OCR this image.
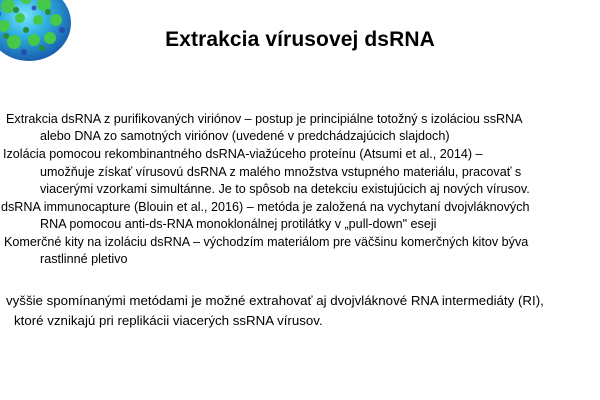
Extrakcia vírusovej dsRNA
Extrakcia dsRNA z purifikovaných viriónov – postup je principiálne totožný s izoláciou ssRNA
alebo DNA zo samotných viriónov (uvedené v predchádzajúcich slajdoch)
Izolácia pomocou rekombinantného dsRNA-viažúceho proteínu (Atsumi et al., 2014) –
umožňuje získať vírusovú dsRNA z malého množstva vstupného materiálu, pracovať s
viacerými vzorkami simultánne. Je to spôsob na detekciu existujúcich aj nových vírusov.
dsRNA immunocapture (Blouin et al., 2016) – metóda je založená na vychytaní dvojvláknových
RNA pomocou anti-ds-RNA monoklonálnej protilátky v „pull-down" eseji
Komerčné kity na izoláciu dsRNA – východzím materiálom pre väčšinu komerčných kitov býva
rastlinné pletivo
vyššie spomínanými metódami je možné extrahovať aj dvojvláknové RNA intermediáty (RI),
ktoré vznikajú pri replikácii viacerých ssRNA vírusov.
